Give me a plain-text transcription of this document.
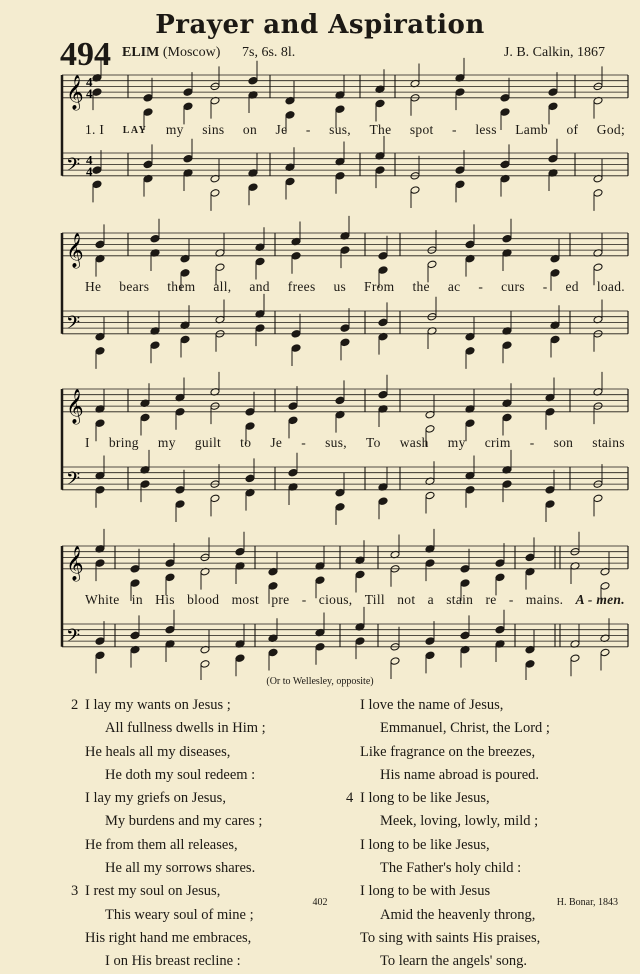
Prayer and Aspiration
494 ELIM (Moscow) 7s, 6s. 8l.	J. B. Calkin, 1867
𝄞 4
4
𝄢 4
4
𝄞
𝄢
𝄞
𝄢
𝄞
𝄢
1. I LAY my sins on Je - sus, The spot - less Lamb of God;
He bears them all, and frees us From the ac - curs - ed load.
I bring my guilt to Je - sus, To wash my crim - son stains
White in His blood most pre - cious, Till not a stain re - mains. A - men.
(Or to Wellesley, opposite)
2 I lay my wants on Jesus ;
All fullness dwells in Him ;
He heals all my diseases,
He doth my soul redeem :
I lay my griefs on Jesus,
My burdens and my cares ;
He from them all releases,
He all my sorrows shares.
3 I rest my soul on Jesus,
This weary soul of mine ;
His right hand me embraces,
I on His breast recline :
I love the name of Jesus,
Emmanuel, Christ, the Lord ;
Like fragrance on the breezes,
His name abroad is poured.
4 I long to be like Jesus,
Meek, loving, lowly, mild ;
I long to be like Jesus,
The Father's holy child :
I long to be with Jesus
Amid the heavenly throng,
To sing with saints His praises,
To learn the angels' song.
402	H. Bonar, 1843
